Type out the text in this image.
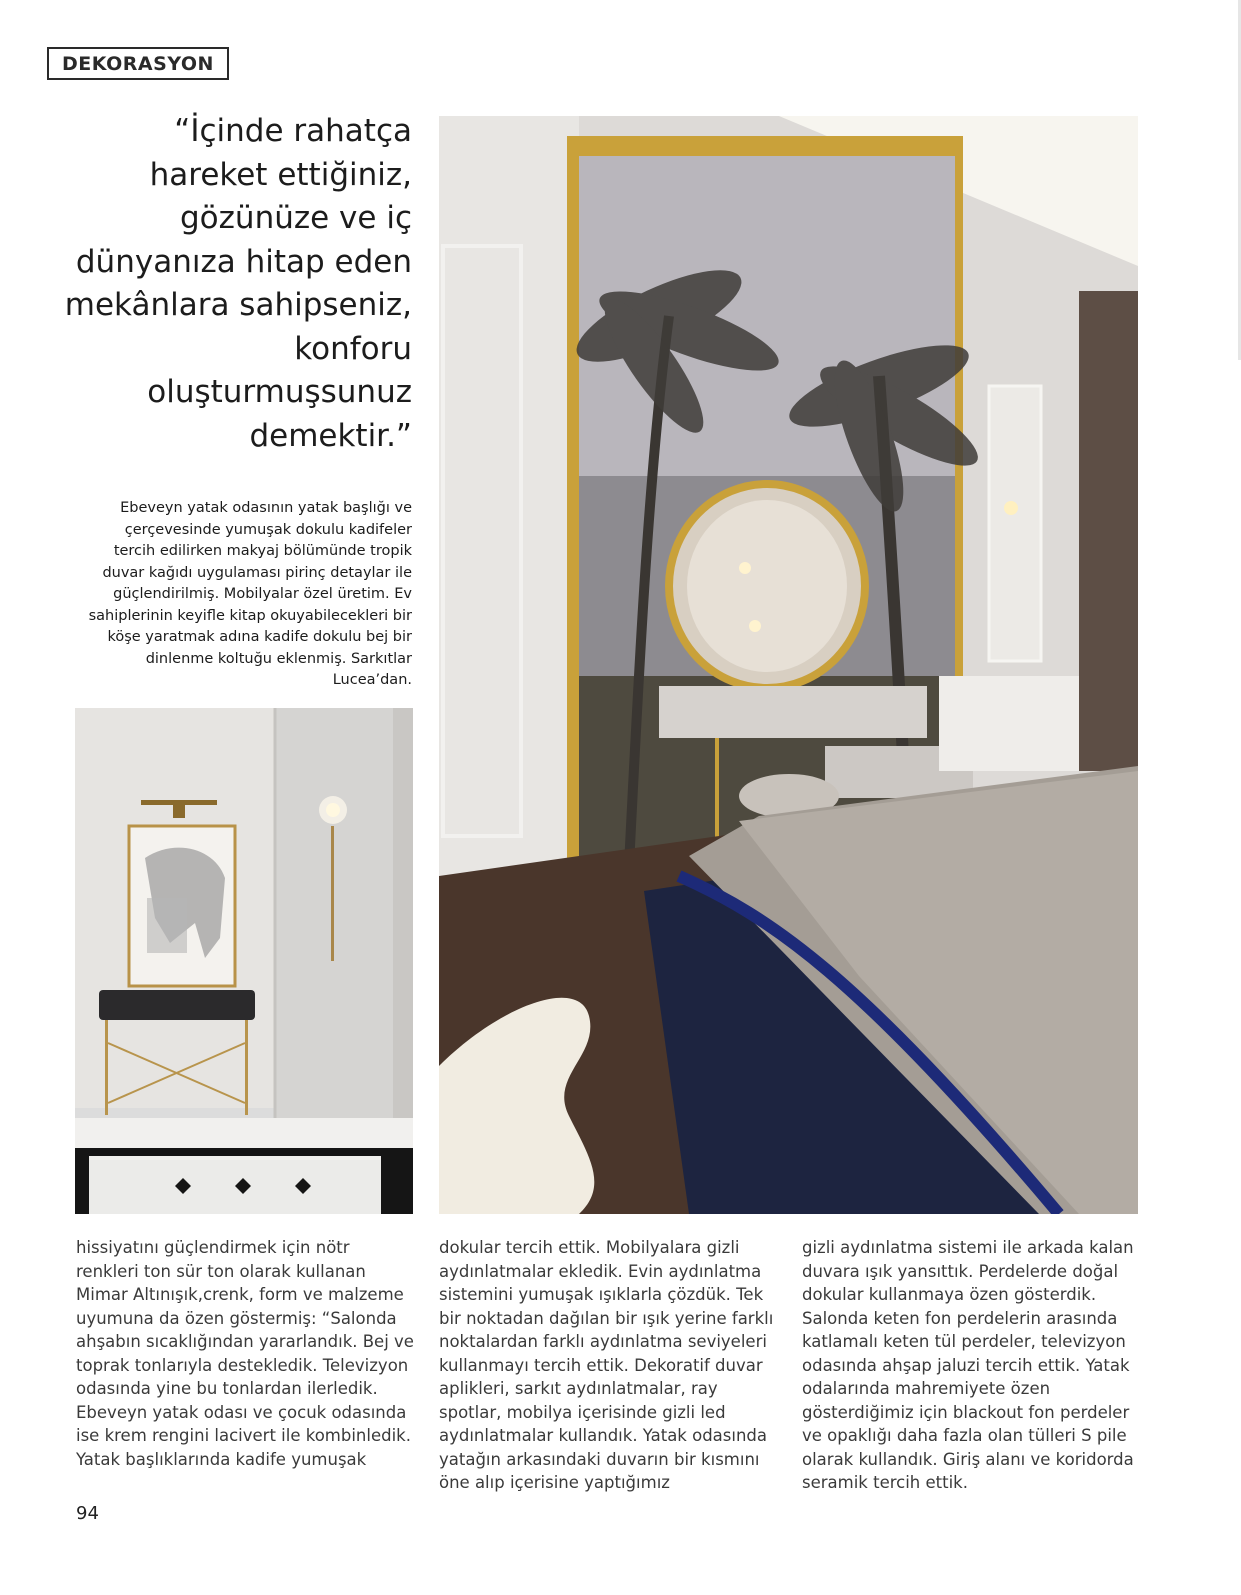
DEKORASYON

“İçinde rahatça hareket ettiğiniz, gözünüze ve iç dünyanıza hitap eden mekânlara sahipseniz, konforu oluşturmuşsunuz demektir.”

Ebeveyn yatak odasının yatak başlığı ve çerçevesinde yumuşak dokulu kadifeler tercih edilirken makyaj bölümünde tropik duvar kağıdı uygulaması pirinç detaylar ile güçlendirilmiş. Mobilyalar özel üretim. Ev sahiplerinin keyifle kitap okuyabilecekleri bir köşe yaratmak adına kadife dokulu bej bir dinlenme koltuğu eklenmiş. Sarkıtlar Lucea’dan.

hissiyatını güçlendirmek için nötr renkleri ton sür ton olarak kullanan Mimar Altınışık,crenk, form ve malzeme uyumuna da özen göstermiş: “Salonda ahşabın sıcaklığından yararlandık. Bej ve toprak tonlarıyla destekledik. Televizyon odasında yine bu tonlardan ilerledik. Ebeveyn yatak odası ve çocuk odasında ise krem rengini lacivert ile kombinledik. Yatak başlıklarında kadife yumuşak

dokular tercih ettik. Mobilyalara gizli aydınlatmalar ekledik. Evin aydınlatma sistemini yumuşak ışıklarla çözdük. Tek bir noktadan dağılan bir ışık yerine farklı noktalardan farklı aydınlatma seviyeleri kullanmayı tercih ettik. Dekoratif duvar aplikleri, sarkıt aydınlatmalar, ray spotlar, mobilya içerisinde gizli led aydınlatmalar kullandık. Yatak odasında yatağın arkasındaki duvarın bir kısmını öne alıp içerisine yaptığımız

gizli aydınlatma sistemi ile arkada kalan duvara ışık yansıttık. Perdelerde doğal dokular kullanmaya özen gösterdik. Salonda keten fon perdelerin arasında katlamalı keten tül perdeler, televizyon odasında ahşap jaluzi tercih ettik. Yatak odalarında mahremiyete özen gösterdiğimiz için blackout fon perdeler ve opaklığı daha fazla olan tülleri S pile olarak kullandık. Giriş alanı ve koridorda seramik tercih ettik.

94
